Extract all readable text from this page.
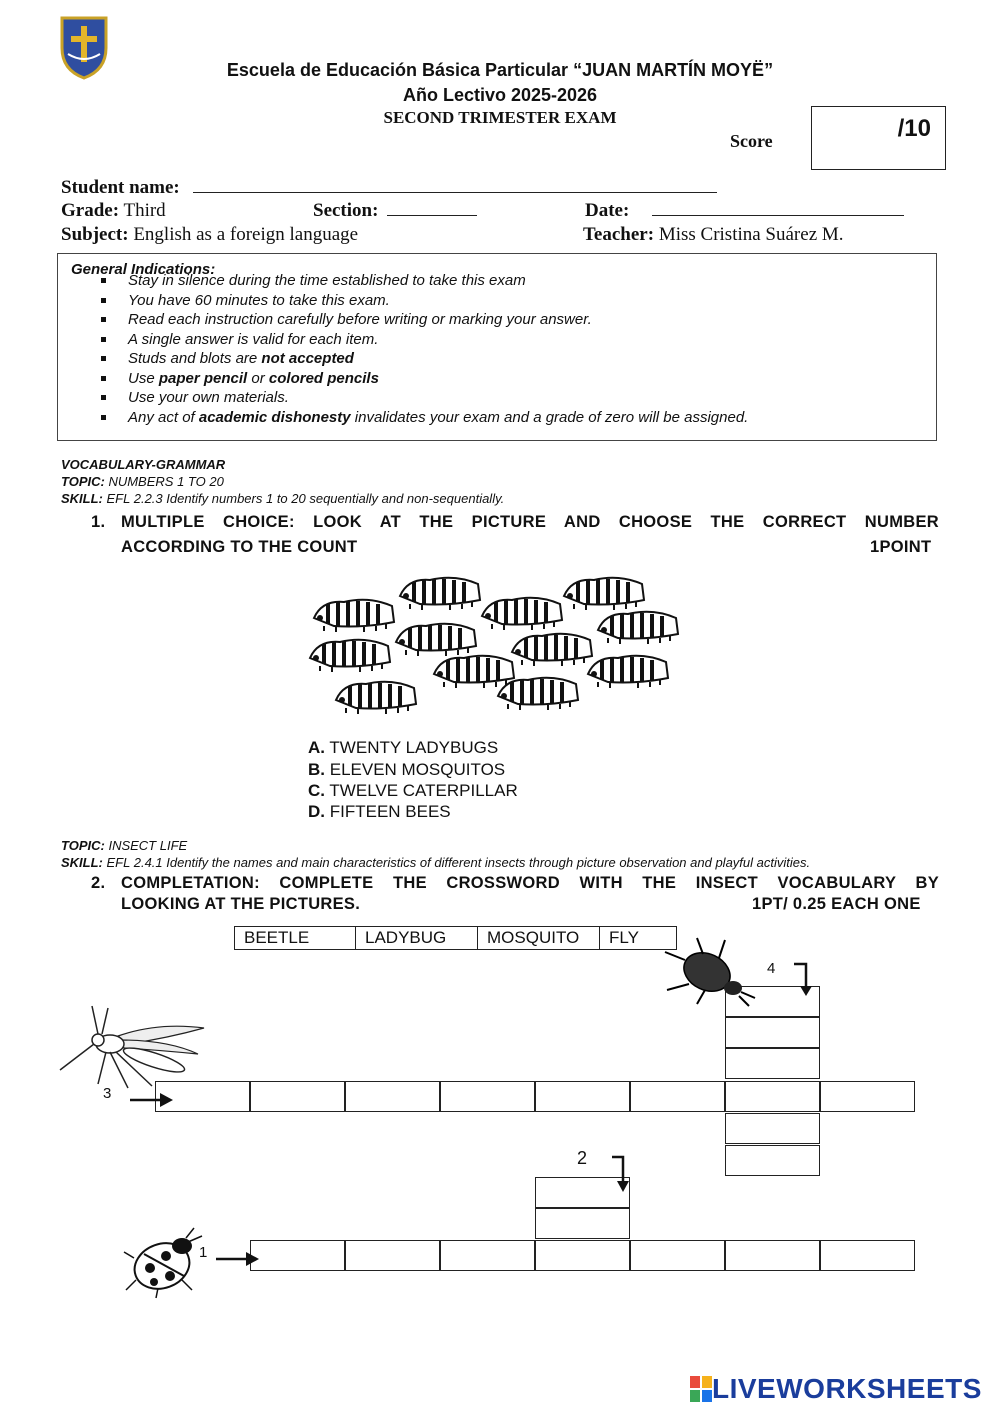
Escuela de Educación Básica Particular “JUAN MARTÍN MOYË”
Año Lectivo 2025-2026
SECOND TRIMESTER EXAM
Score	/10
Student name:
Grade: Third	Section:	Date:
Subject: English as a foreign language	Teacher: Miss Cristina Suárez M.
General Indications:
Stay in silence during the time established to take this exam
You have 60 minutes to take this exam.
Read each instruction carefully before writing or marking your answer.
A single answer is valid for each item.
Studs and blots are not accepted
Use paper pencil or colored pencils
Use your own materials.
Any act of academic dishonesty invalidates your exam and a grade of zero will be assigned.
VOCABULARY-GRAMMAR
TOPIC: NUMBERS 1 TO 20
SKILL: EFL 2.2.3 Identify numbers 1 to 20 sequentially and non-sequentially.
1. MULTIPLE CHOICE: LOOK AT THE PICTURE AND CHOOSE THE CORRECT NUMBER
ACCORDING TO THE COUNT	1POINT
A. TWENTY LADYBUGS
B. ELEVEN MOSQUITOS
C. TWELVE CATERPILLAR
D. FIFTEEN BEES
TOPIC: INSECT LIFE
SKILL: EFL 2.4.1 Identify the names and main characteristics of different insects through picture observation and playful activities.
2. COMPLETATION: COMPLETE THE CROSSWORD WITH THE INSECT VOCABULARY BY
LOOKING AT THE PICTURES.	1PT/ 0.25 EACH ONE
BEETLE	LADYBUG	MOSQUITO	FLY
4
3
2
1
LIVEWORKSHEETS
